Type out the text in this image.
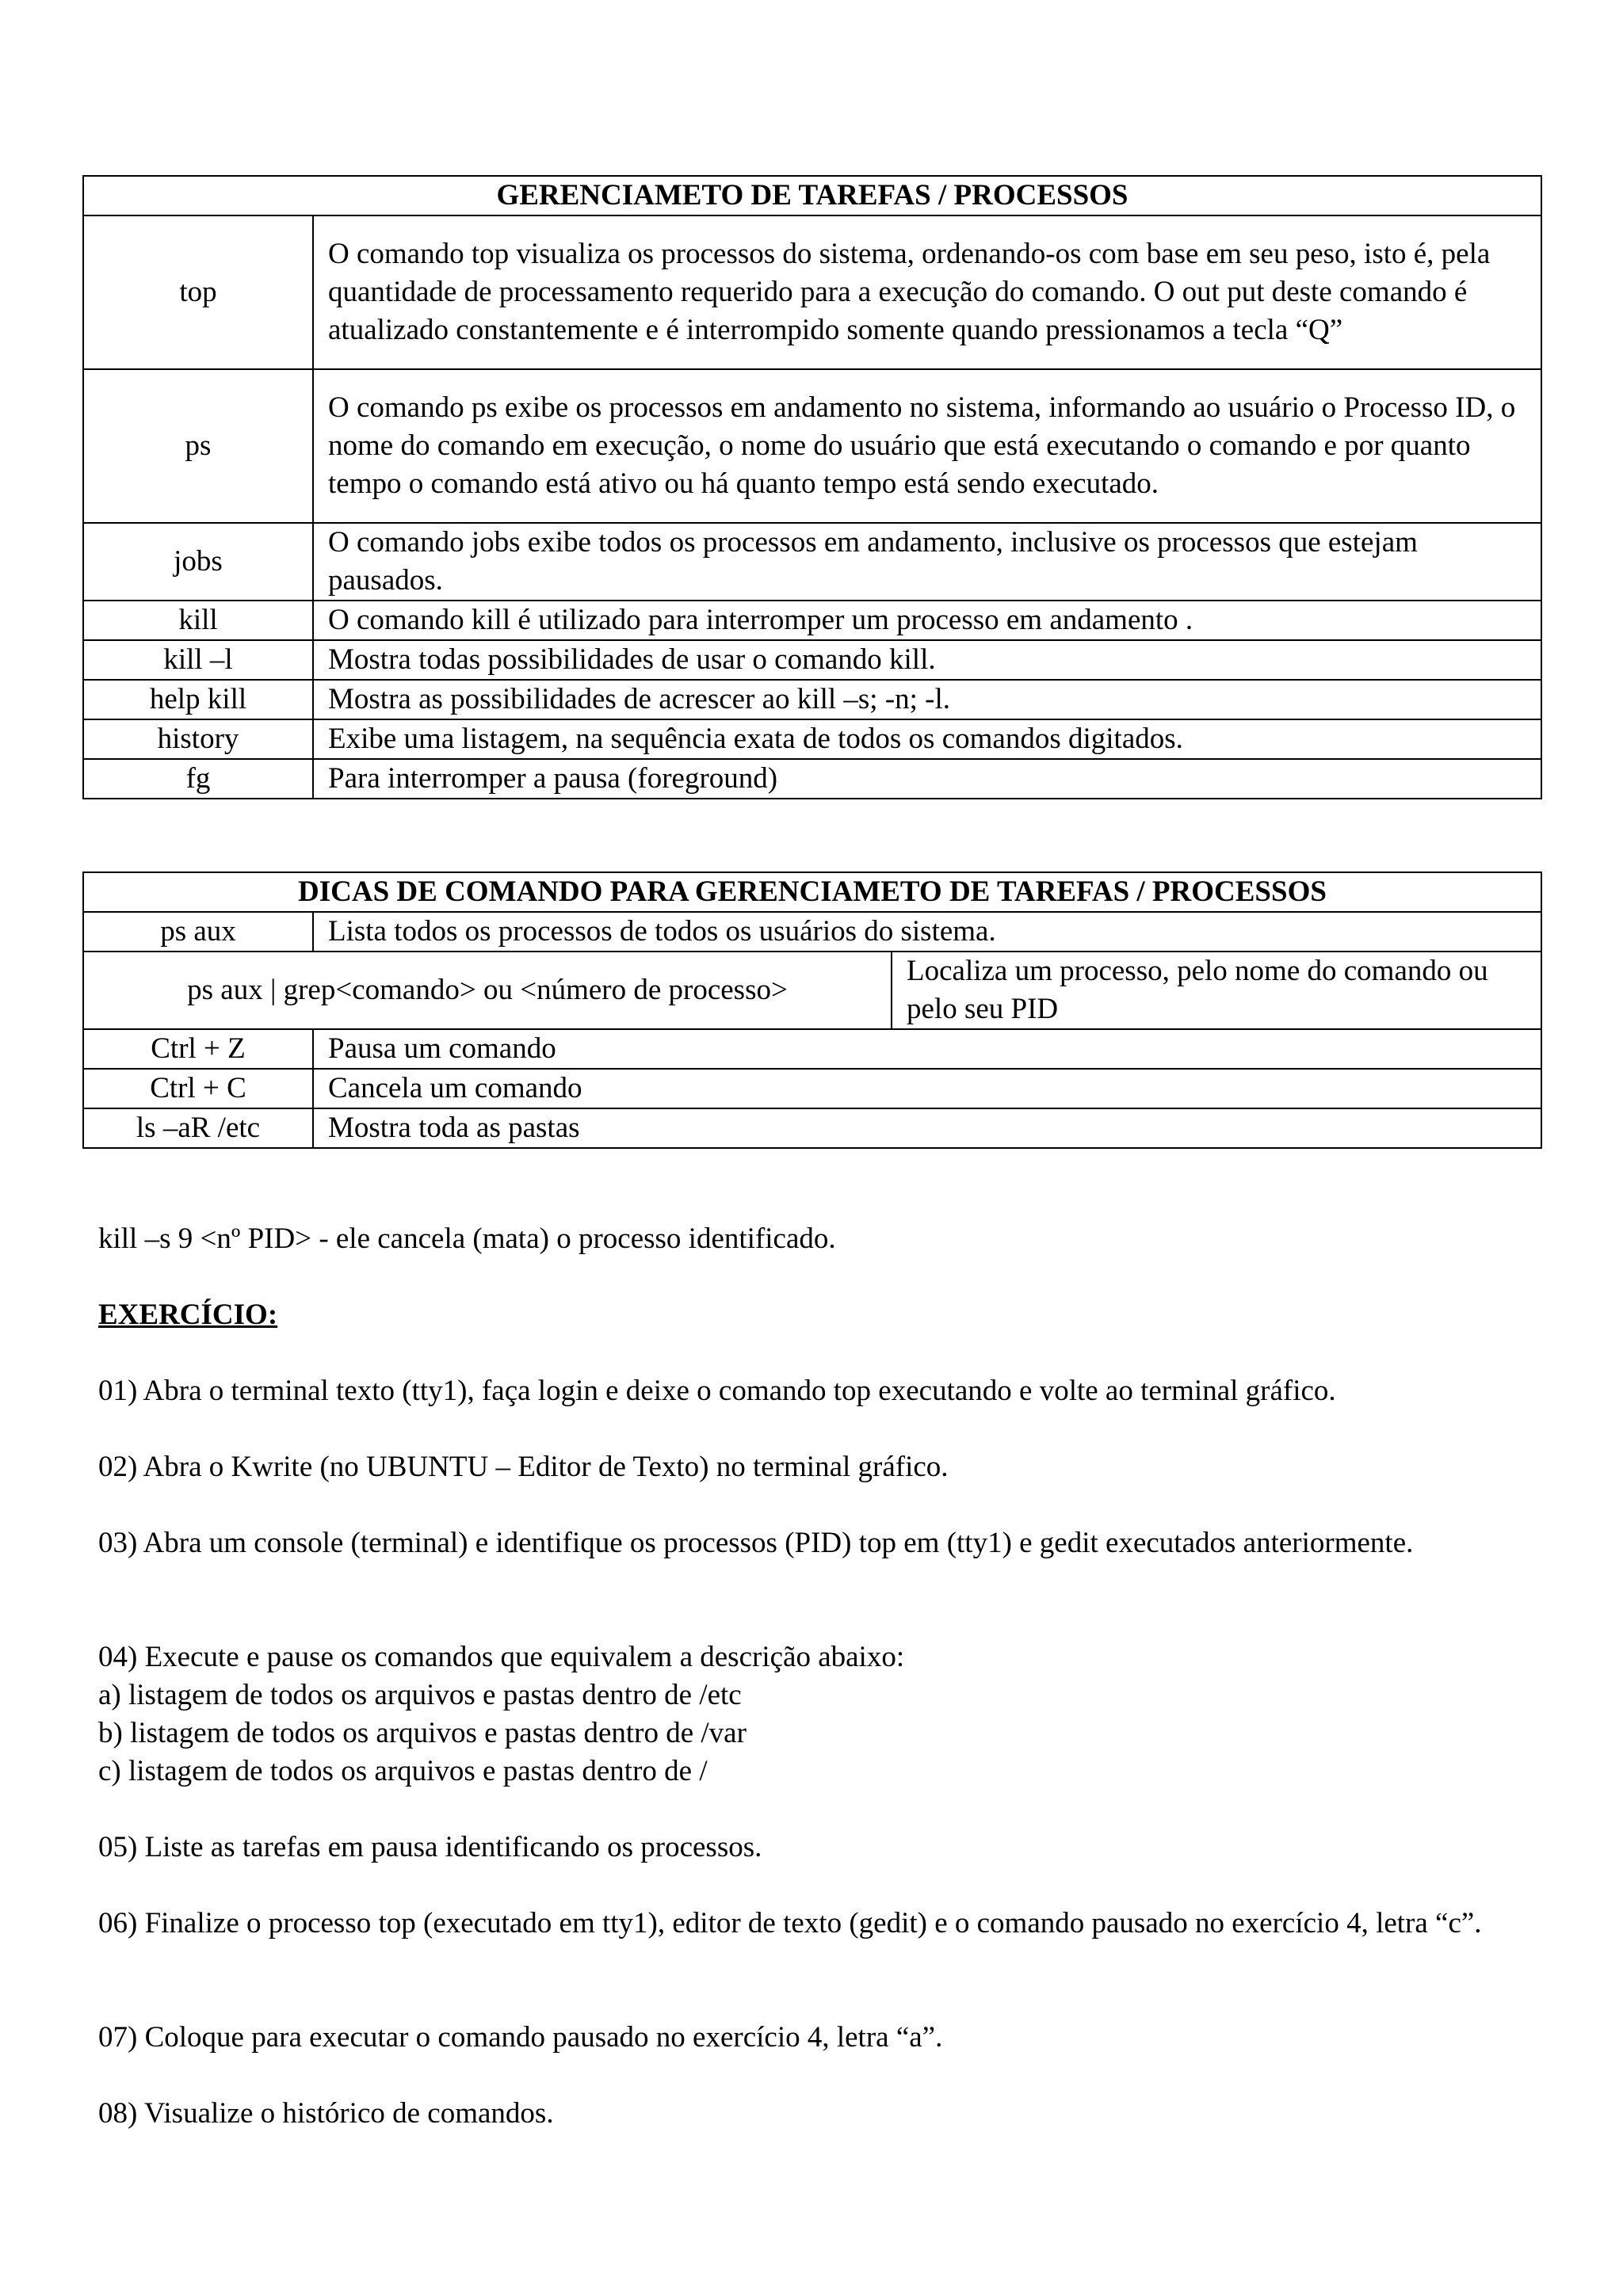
GERENCIAMETO DE TAREFAS / PROCESSOS	
top	O comando top visualiza os processos do sistema, ordenando-os com base em seu peso, isto é, pela quantidade de processamento requerido para a execução do comando. O out put deste comando é atualizado constantemente e é interrompido somente quando pressionamos a tecla “Q”
ps	O comando ps exibe os processos em andamento no sistema, informando ao usuário o Processo ID, o nome do comando em execução, o nome do usuário que está executando o comando e por quanto tempo o comando está ativo ou há quanto tempo está sendo executado.
jobs	O comando jobs exibe todos os processos em andamento, inclusive os processos que estejam pausados.
kill	O comando kill é utilizado para interromper um processo em andamento .
kill –l	Mostra todas possibilidades de usar o comando kill.
help kill	Mostra as possibilidades de acrescer ao kill –s; -n; -l.
history	Exibe uma listagem, na sequência exata de todos os comandos digitados.
fg	Para interromper a pausa (foreground)
DICAS DE COMANDO PARA GERENCIAMETO DE TAREFAS / PROCESSOS		
ps aux	Lista todos os processos de todos os usuários do sistema.	
ps aux | grep<comando> ou <número de processo>		Localiza um processo, pelo nome do comando ou pelo seu PID
Ctrl + Z	Pausa um comando	
Ctrl + C	Cancela um comando	
ls –aR /etc	Mostra toda as pastas	
kill –s 9 <nº PID> - ele cancela (mata) o processo identificado.
EXERCÍCIO:
01) Abra o terminal texto (tty1), faça login e deixe o comando top executando e volte ao terminal gráfico.
02) Abra o Kwrite (no UBUNTU – Editor de Texto) no terminal gráfico.
03) Abra um console (terminal) e identifique os processos (PID) top em (tty1) e gedit executados anteriormente.
04) Execute e pause os comandos que equivalem a descrição abaixo:
a) listagem de todos os arquivos e pastas dentro de /etc
b) listagem de todos os arquivos e pastas dentro de /var
c) listagem de todos os arquivos e pastas dentro de /
05) Liste as tarefas em pausa identificando os processos.
06) Finalize o processo top (executado em tty1), editor de texto (gedit) e o comando pausado no exercício 4, letra “c”.
07) Coloque para executar o comando pausado no exercício 4, letra “a”.
08) Visualize o histórico de comandos.
